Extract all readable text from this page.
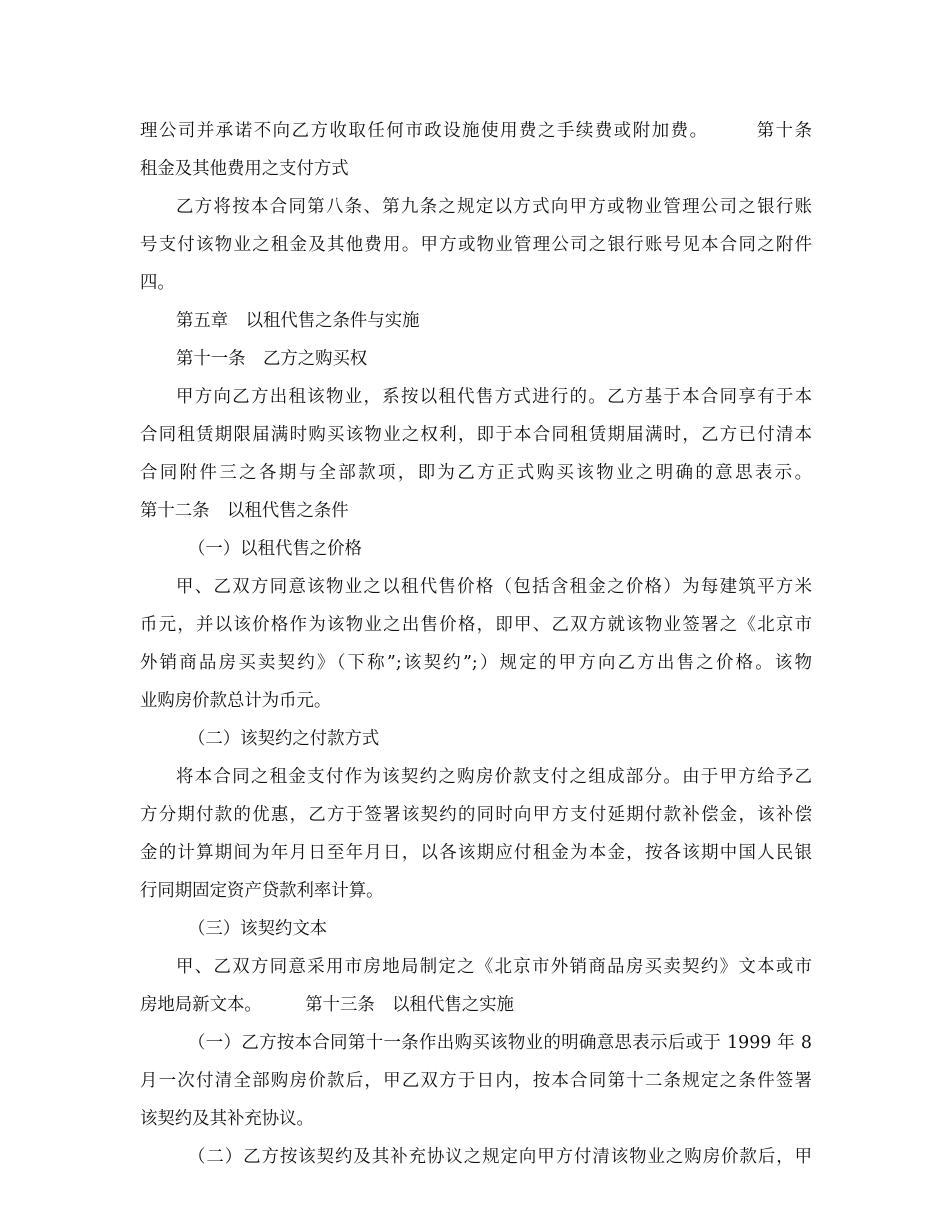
理公司并承诺不向乙方收取任何市政设施使用费之手续费或附加费。　　　第十条
租金及其他费用之支付方式
乙方将按本合同第八条、第九条之规定以方式向甲方或物业管理公司之银行账
号支付该物业之租金及其他费用。甲方或物业管理公司之银行账号见本合同之附件
四。
第五章　以租代售之条件与实施
第十一条　乙方之购买权
甲方向乙方出租该物业，系按以租代售方式进行的。乙方基于本合同享有于本
合同租赁期限届满时购买该物业之权利，即于本合同租赁期届满时，乙方已付清本
合同附件三之各期与全部款项，即为乙方正式购买该物业之明确的意思表示。
第十二条　以租代售之条件
（一）以租代售之价格
甲、乙双方同意该物业之以租代售价格（包括含租金之价格）为每建筑平方米
币元，并以该价格作为该物业之出售价格，即甲、乙双方就该物业签署之《北京市
外销商品房买卖契约》（下称”;该契约”;）规定的甲方向乙方出售之价格。该物
业购房价款总计为币元。
（二）该契约之付款方式
将本合同之租金支付作为该契约之购房价款支付之组成部分。由于甲方给予乙
方分期付款的优惠，乙方于签署该契约的同时向甲方支付延期付款补偿金，该补偿
金的计算期间为年月日至年月日，以各该期应付租金为本金，按各该期中国人民银
行同期固定资产贷款利率计算。
（三）该契约文本
甲、乙双方同意采用市房地局制定之《北京市外销商品房买卖契约》文本或市
房地局新文本。　　　第十三条　以租代售之实施
（一）乙方按本合同第十一条作出购买该物业的明确意思表示后或于 1999 年 8
月一次付清全部购房价款后，甲乙双方于日内，按本合同第十二条规定之条件签署
该契约及其补充协议。
（二）乙方按该契约及其补充协议之规定向甲方付清该物业之购房价款后，甲
